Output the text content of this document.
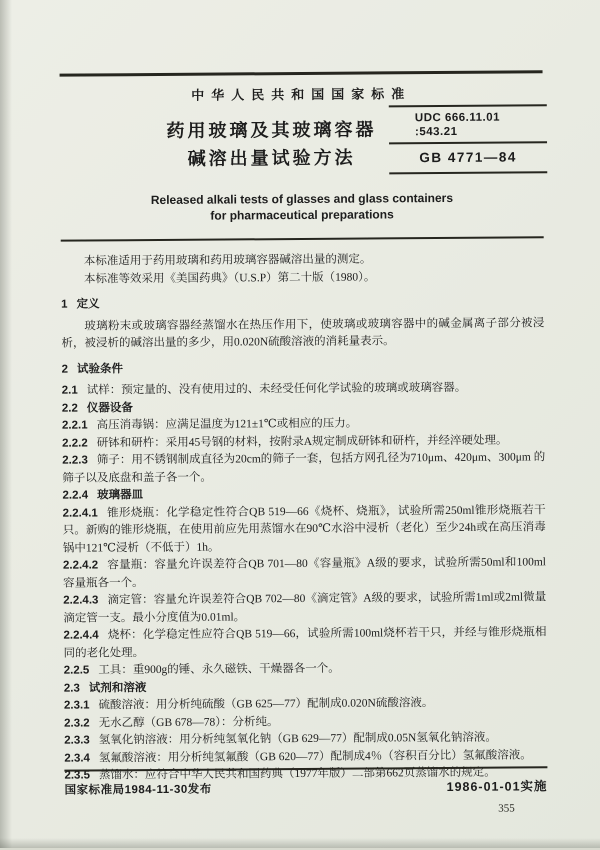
中华人民共和国国家标准
药用玻璃及其玻璃容器
碱溶出量试验方法
UDC 666.11.01
:543.21
GB 4771—84
Released alkali tests of glasses and glass containers
for pharmaceutical preparations

本标准适用于药用玻璃和药用玻璃容器碱溶出量的测定。

本标准等效采用《美国药典》（U.S.P）第二十版（1980）。

1 定义

玻璃粉末或玻璃容器经蒸馏水在热压作用下，使玻璃或玻璃容器中的碱金属离子部分被浸析，被浸析的碱溶出量的多少，用0.020N硫酸溶液的消耗量表示。

2 试验条件

2.1 试样：预定量的、没有使用过的、未经受任何化学试验的玻璃或玻璃容器。

2.2 仪器设备

2.2.1 高压消毒锅：应满足温度为121±1℃或相应的压力。

2.2.2 研钵和研杵：采用45号钢的材料，按附录A规定制成研钵和研杵，并经淬硬处理。

2.2.3 筛子：用不锈钢制成直径为20cm的筛子一套，包括方网孔径为710μm、420μm、300μm 的筛子以及底盘和盖子各一个。

2.2.4 玻璃器皿

2.2.4.1 锥形烧瓶：化学稳定性符合QB 519—66《烧杯、烧瓶》，试验所需250ml锥形烧瓶若干只。新购的锥形烧瓶，在使用前应先用蒸馏水在90℃水浴中浸析（老化）至少24h或在高压消毒锅中121℃浸析（不低于）1h。

2.2.4.2 容量瓶：容量允许误差符合QB 701—80《容量瓶》A级的要求，试验所需50ml和100ml容量瓶各一个。

2.2.4.3 滴定管：容量允许误差符合QB 702—80《滴定管》A级的要求，试验所需1ml或2ml微量滴定管一支。最小分度值为0.01ml。

2.2.4.4 烧杯：化学稳定性应符合QB 519—66，试验所需100ml烧杯若干只，并经与锥形烧瓶相同的老化处理。

2.2.5 工具：重900g的锤、永久磁铁、干燥器各一个。

2.3 试剂和溶液

2.3.1 硫酸溶液：用分析纯硫酸（GB 625—77）配制成0.020N硫酸溶液。

2.3.2 无水乙醇（GB 678—78）：分析纯。

2.3.3 氢氧化钠溶液：用分析纯氢氧化钠（GB 629—77）配制成0.05N氢氧化钠溶液。

2.3.4 氢氟酸溶液：用分析纯氢氟酸（GB 620—77）配制成4％（容积百分比）氢氟酸溶液。

2.3.5 蒸馏水：应符合中华人民共和国药典（1977年版）二部第662页蒸馏水的规定。

国家标准局1984-11-30发布	1986-01-01实施
355
